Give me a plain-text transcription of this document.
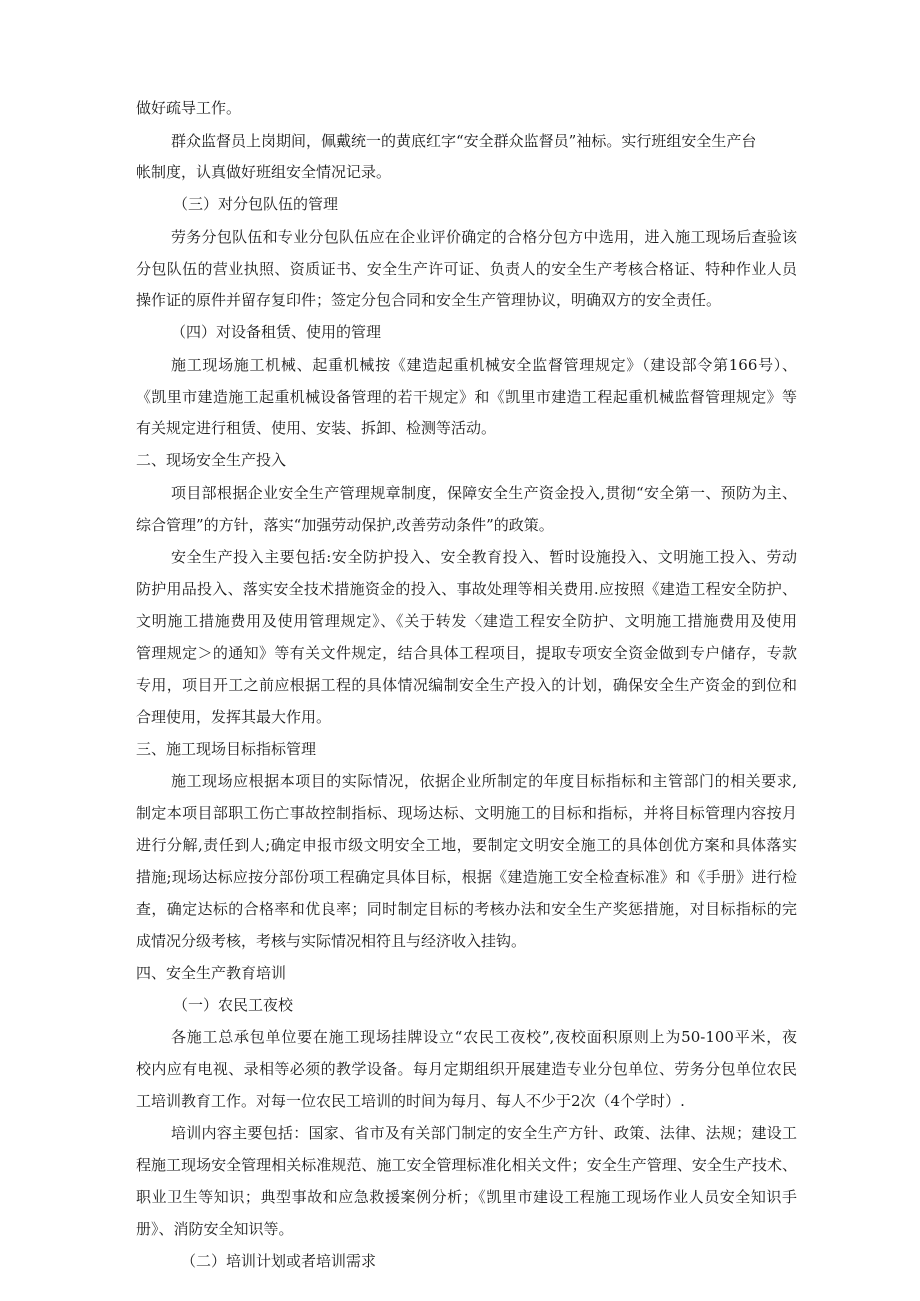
做好疏导工作。
群众监督员上岗期间，佩戴统一的黄底红字“安全群众监督员”袖标。实行班组安全生产台
帐制度，认真做好班组安全情况记录。
（三）对分包队伍的管理
劳务分包队伍和专业分包队伍应在企业评价确定的合格分包方中选用，进入施工现场后查验该
分包队伍的营业执照、资质证书、安全生产许可证、负责人的安全生产考核合格证、特种作业人员
操作证的原件并留存复印件；签定分包合同和安全生产管理协议，明确双方的安全责任。
（四）对设备租赁、使用的管理
施工现场施工机械、起重机械按《建造起重机械安全监督管理规定》（建设部令第166号）、
《凯里市建造施工起重机械设备管理的若干规定》和《凯里市建造工程起重机械监督管理规定》等
有关规定进行租赁、使用、安装、拆卸、检测等活动。
二、现场安全生产投入
项目部根据企业安全生产管理规章制度，保障安全生产资金投入,贯彻“安全第一、预防为主、
综合管理”的方针，落实“加强劳动保护,改善劳动条件”的政策。
安全生产投入主要包括:安全防护投入、安全教育投入、暂时设施投入、文明施工投入、劳动
防护用品投入、落实安全技术措施资金的投入、事故处理等相关费用.应按照《建造工程安全防护、
文明施工措施费用及使用管理规定》、《关于转发〈建造工程安全防护、文明施工措施费用及使用
管理规定＞的通知》等有关文件规定，结合具体工程项目，提取专项安全资金做到专户储存，专款
专用，项目开工之前应根据工程的具体情况编制安全生产投入的计划，确保安全生产资金的到位和
合理使用，发挥其最大作用。
三、施工现场目标指标管理
施工现场应根据本项目的实际情况，依据企业所制定的年度目标指标和主管部门的相关要求,
制定本项目部职工伤亡事故控制指标、现场达标、文明施工的目标和指标，并将目标管理内容按月
进行分解,责任到人;确定申报市级文明安全工地，要制定文明安全施工的具体创优方案和具体落实
措施;现场达标应按分部份项工程确定具体目标，根据《建造施工安全检查标准》和《手册》进行检
查，确定达标的合格率和优良率；同时制定目标的考核办法和安全生产奖惩措施，对目标指标的完
成情况分级考核，考核与实际情况相符且与经济收入挂钩。
四、安全生产教育培训
（一）农民工夜校
各施工总承包单位要在施工现场挂牌设立“农民工夜校”,夜校面积原则上为50-100平米，夜
校内应有电视、录相等必须的教学设备。每月定期组织开展建造专业分包单位、劳务分包单位农民
工培训教育工作。对每一位农民工培训的时间为每月、每人不少于2次（4个学时）.
培训内容主要包括：国家、省市及有关部门制定的安全生产方针、政策、法律、法规；建设工
程施工现场安全管理相关标准规范、施工安全管理标准化相关文件；安全生产管理、安全生产技术、
职业卫生等知识；典型事故和应急救援案例分析；《凯里市建设工程施工现场作业人员安全知识手
册》、消防安全知识等。
（二）培训计划或者培训需求
